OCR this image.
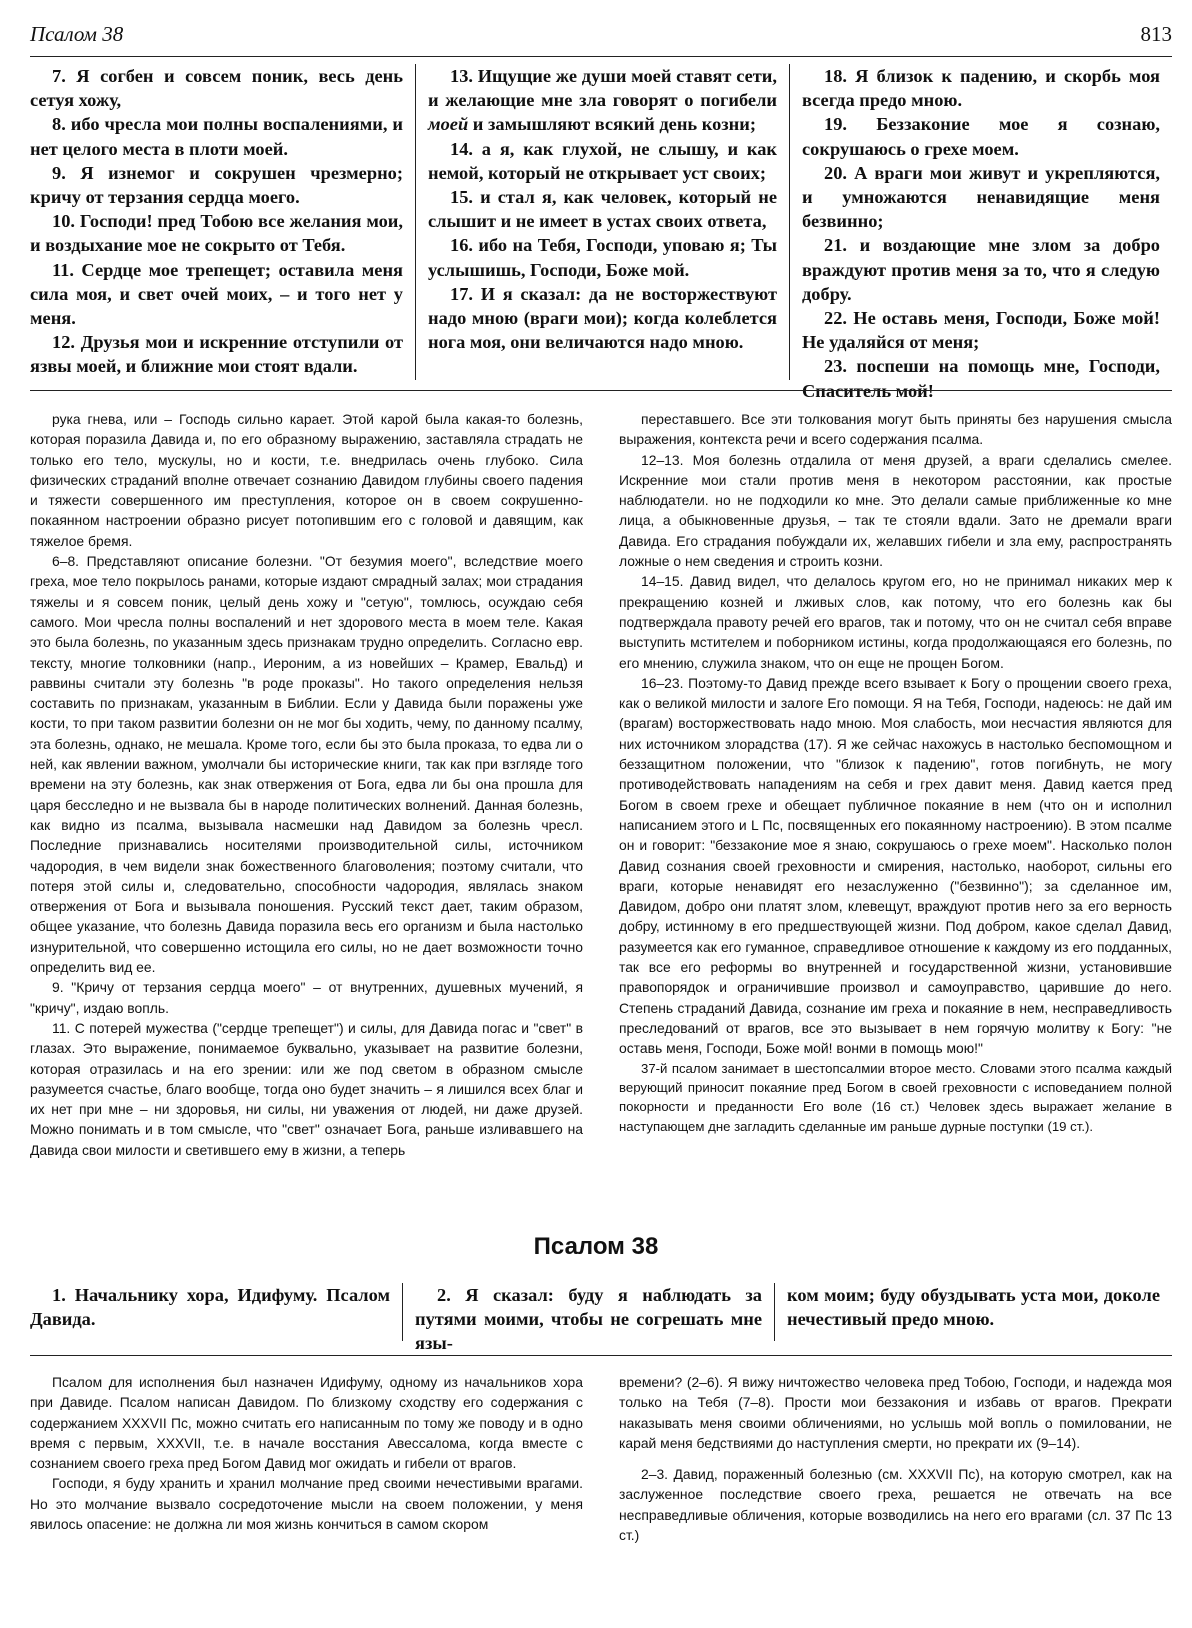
Псалом 38	813

7. Я согбен и совсем поник, весь день сетуя хожу,

8. ибо чресла мои полны воспалениями, и нет целого места в плоти моей.

9. Я изнемог и сокрушен чрезмерно; кричу от терзания сердца моего.

10. Господи! пред Тобою все желания мои, и воздыхание мое не сокрыто от Тебя.

11. Сердце мое трепещет; оставила меня сила моя, и свет очей моих, – и того нет у меня.

12. Друзья мои и искренние отступили от язвы моей, и ближние мои стоят вдали.

13. Ищущие же души моей ставят сети, и желающие мне зла говорят о погибели моей и замышляют всякий день козни;

14. а я, как глухой, не слышу, и как немой, который не открывает уст своих;

15. и стал я, как человек, который не слышит и не имеет в устах своих ответа,

16. ибо на Тебя, Господи, уповаю я; Ты услышишь, Господи, Боже мой.

17. И я сказал: да не восторжествуют надо мною (враги мои); когда колеблется нога моя, они величаются надо мною.

18. Я близок к падению, и скорбь моя всегда предо мною.

19. Беззаконие мое я сознаю, сокрушаюсь о грехе моем.

20. А враги мои живут и укрепляются, и умножаются ненавидящие меня безвинно;

21. и воздающие мне злом за добро враждуют против меня за то, что я следую добру.

22. Не оставь меня, Господи, Боже мой! Не удаляйся от меня;

23. поспеши на помощь мне, Господи, Спаситель мой!

рука гнева, или – Господь сильно карает. Этой карой была какая-то болезнь, которая поразила Давида и, по его образному выражению, заставляла страдать не только его тело, мускулы, но и кости, т.е. внедрилась очень глубоко. Сила физических страданий вполне отвечает сознанию Давидом глубины своего падения и тяжести совершенного им преступления, которое он в своем сокрушенно-покаянном настроении образно рисует потопившим его с головой и давящим, как тяжелое бремя.

6–8. Представляют описание болезни. "От безумия моего", вследствие моего греха, мое тело покрылось ранами, которые издают смрадный залах; мои страдания тяжелы и я совсем поник, целый день хожу и "сетую", томлюсь, осуждаю себя самого. Мои чресла полны воспалений и нет здорового места в моем теле. Какая это была болезнь, по указанным здесь признакам трудно определить. Согласно евр. тексту, многие толковники (напр., Иероним, а из новейших – Крамер, Евальд) и раввины считали эту болезнь "в роде проказы". Но такого определения нельзя составить по признакам, указанным в Библии. Если у Давида были поражены уже кости, то при таком развитии болезни он не мог бы ходить, чему, по данному псалму, эта болезнь, однако, не мешала. Кроме того, если бы это была проказа, то едва ли о ней, как явлении важном, умолчали бы исторические книги, так как при взгляде того времени на эту болезнь, как знак отвержения от Бога, едва ли бы она прошла для царя бесследно и не вызвала бы в народе политических волнений. Данная болезнь, как видно из псалма, вызывала насмешки над Давидом за болезнь чресл. Последние признавались носителями производительной силы, источником чадородия, в чем видели знак божественного благоволения; поэтому считали, что потеря этой силы и, следовательно, способности чадородия, являлась знаком отвержения от Бога и вызывала поношения. Русский текст дает, таким образом, общее указание, что болезнь Давида поразила весь его организм и была настолько изнурительной, что совершенно истощила его силы, но не дает возможности точно определить вид ее.

9. "Кричу от терзания сердца моего" – от внутренних, душевных мучений, я "кричу", издаю вопль.

11. С потерей мужества ("сердце трепещет") и силы, для Давида погас и "свет" в глазах. Это выражение, понимаемое буквально, указывает на развитие болезни, которая отразилась и на его зрении: или же под светом в образном смысле разумеется счастье, благо вообще, тогда оно будет значить – я лишился всех благ и их нет при мне – ни здоровья, ни силы, ни уважения от людей, ни даже друзей. Можно понимать и в том смысле, что "свет" означает Бога, раньше изливавшего на Давида свои милости и светившего ему в жизни, а теперь

переставшего. Все эти толкования могут быть приняты без нарушения смысла выражения, контекста речи и всего содержания псалма.

12–13. Моя болезнь отдалила от меня друзей, а враги сделались смелее. Искренние мои стали против меня в некотором расстоянии, как простые наблюдатели. но не подходили ко мне. Это делали самые приближенные ко мне лица, а обыкновенные друзья, – так те стояли вдали. Зато не дремали враги Давида. Его страдания побуждали их, желавших гибели и зла ему, распространять ложные о нем сведения и строить козни.

14–15. Давид видел, что делалось кругом его, но не принимал никаких мер к прекращению козней и лживых слов, как потому, что его болезнь как бы подтверждала правоту речей его врагов, так и потому, что он не считал себя вправе выступить мстителем и поборником истины, когда продолжающаяся его болезнь, по его мнению, служила знаком, что он еще не прощен Богом.

16–23. Поэтому-то Давид прежде всего взывает к Богу о прощении своего греха, как о великой милости и залоге Его помощи. Я на Тебя, Господи, надеюсь: не дай им (врагам) восторжествовать надо мною. Моя слабость, мои несчастия являются для них источником злорадства (17). Я же сейчас нахожусь в настолько беспомощном и беззащитном положении, что "близок к падению", готов погибнуть, не могу противодействовать нападениям на себя и грех давит меня. Давид кается пред Богом в своем грехе и обещает публичное покаяние в нем (что он и исполнил написанием этого и L Пс, посвященных его покаянному настроению). В этом псалме он и говорит: "беззаконие мое я знаю, сокрушаюсь о грехе моем". Насколько полон Давид сознания своей греховности и смирения, настолько, наоборот, сильны его враги, которые ненавидят его незаслуженно ("безвинно"); за сделанное им, Давидом, добро они платят злом, клевещут, враждуют против него за его верность добру, истинному в его предшествующей жизни. Под добром, какое сделал Давид, разумеется как его гуманное, справедливое отношение к каждому из его подданных, так все его реформы во внутренней и государственной жизни, установившие правопорядок и ограничившие произвол и самоуправство, царившие до него. Степень страданий Давида, сознание им греха и покаяние в нем, несправедливость преследований от врагов, все это вызывает в нем горячую молитву к Богу: "не оставь меня, Господи, Боже мой! вонми в помощь мою!"

37-й псалом занимает в шестопсалмии второе место. Словами этого псалма каждый верующий приносит покаяние пред Богом в своей греховности с исповеданием полной покорности и преданности Его воле (16 ст.) Человек здесь выражает желание в наступающем дне загладить сделанные им раньше дурные поступки (19 ст.).

Псалом 38

1. Начальнику хора, Идифуму. Псалом Давида.

2. Я сказал: буду я наблюдать за путями моими, чтобы не согрешать мне язы-

ком моим; буду обуздывать уста мои, доколе нечестивый предо мною.

Псалом для исполнения был назначен Идифуму, одному из начальников хора при Давиде. Псалом написан Давидом. По близкому сходству его содержания с содержанием XXXVII Пс, можно считать его написанным по тому же поводу и в одно время с первым, XXXVII, т.е. в начале восстания Авессалома, когда вместе с сознанием своего греха пред Богом Давид мог ожидать и гибели от врагов.

Господи, я буду хранить и хранил молчание пред своими нечестивыми врагами. Но это молчание вызвало сосредоточение мысли на своем положении, у меня явилось опасение: не должна ли моя жизнь кончиться в самом скором

времени? (2–6). Я вижу ничтожество человека пред Тобою, Господи, и надежда моя только на Тебя (7–8). Прости мои беззакония и избавь от врагов. Прекрати наказывать меня своими обличениями, но услышь мой вопль о помиловании, не карай меня бедствиями до наступления смерти, но прекрати их (9–14).

2–3. Давид, пораженный болезнью (см. XXXVII Пс), на которую смотрел, как на заслуженное последствие своего греха, решается не отвечать на все несправедливые обличения, которые возводились на него его врагами (сл. 37 Пс 13 ст.)
